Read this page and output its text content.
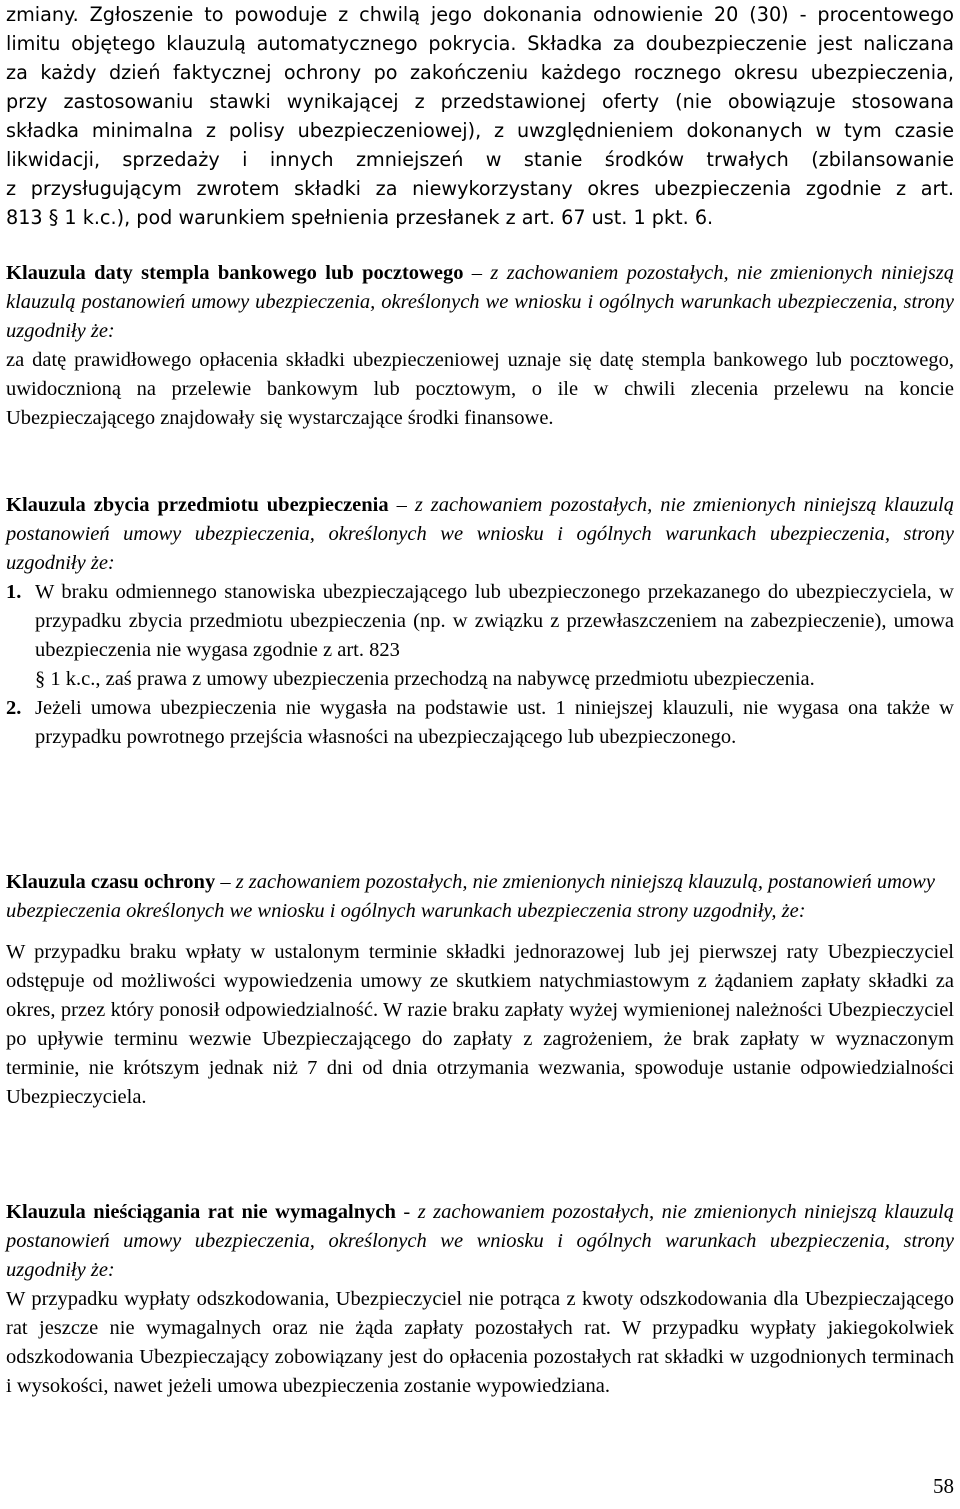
zmiany. Zgłoszenie to powoduje z chwilą jego dokonania odnowienie 20 (30) - procentowego

limitu objętego klauzulą automatycznego pokrycia. Składka za doubezpieczenie jest naliczana

za każdy dzień faktycznej ochrony po zakończeniu każdego rocznego okresu ubezpieczenia,

przy zastosowaniu stawki wynikającej z przedstawionej oferty (nie obowiązuje stosowana

składka minimalna z polisy ubezpieczeniowej), z uwzględnieniem dokonanych w tym czasie

likwidacji, sprzedaży i innych zmniejszeń w stanie środków trwałych (zbilansowanie

z przysługującym zwrotem składki za niewykorzystany okres ubezpieczenia zgodnie z art.

813 § 1 k.c.), pod warunkiem spełnienia przesłanek z art. 67 ust. 1 pkt. 6.

Klauzula daty stempla bankowego lub pocztowego – z zachowaniem pozostałych, nie zmienionych niniejszą klauzulą postanowień umowy ubezpieczenia, określonych we wniosku i ogólnych warunkach ubezpieczenia, strony uzgodniły że:

za datę prawidłowego opłacenia składki ubezpieczeniowej uznaje się datę stempla bankowego lub pocztowego, uwidocznioną na przelewie bankowym lub pocztowym, o ile w chwili zlecenia przelewu na koncie Ubezpieczającego znajdowały się wystarczające środki finansowe.

Klauzula zbycia przedmiotu ubezpieczenia – z zachowaniem pozostałych, nie zmienionych niniejszą klauzulą postanowień umowy ubezpieczenia, określonych we wniosku i ogólnych warunkach ubezpieczenia, strony uzgodniły że:

1. W braku odmiennego stanowiska ubezpieczającego lub ubezpieczonego przekazanego do ubezpieczyciela, w przypadku zbycia przedmiotu ubezpieczenia (np. w związku z przewłaszczeniem na zabezpieczenie), umowa ubezpieczenia nie wygasa zgodnie z art. 823

§ 1 k.c., zaś prawa z umowy ubezpieczenia przechodzą na nabywcę przedmiotu ubezpieczenia.

2. Jeżeli umowa ubezpieczenia nie wygasła na podstawie ust. 1 niniejszej klauzuli, nie wygasa ona także w przypadku powrotnego przejścia własności na ubezpieczającego lub ubezpieczonego.

Klauzula czasu ochrony – z zachowaniem pozostałych, nie zmienionych niniejszą klauzulą, postanowień umowy ubezpieczenia określonych we wniosku i ogólnych warunkach ubezpieczenia strony uzgodniły, że:

W przypadku braku wpłaty w ustalonym terminie składki jednorazowej lub jej pierwszej raty Ubezpieczyciel odstępuje od możliwości wypowiedzenia umowy ze skutkiem natychmiastowym z żądaniem zapłaty składki za okres, przez który ponosił odpowiedzialność. W razie braku zapłaty wyżej wymienionej należności Ubezpieczyciel po upływie terminu wezwie Ubezpieczającego do zapłaty z zagrożeniem, że brak zapłaty w wyznaczonym terminie, nie krótszym jednak niż 7 dni od dnia otrzymania wezwania, spowoduje ustanie odpowiedzialności Ubezpieczyciela.

Klauzula nieściągania rat nie wymagalnych - z zachowaniem pozostałych, nie zmienionych niniejszą klauzulą postanowień umowy ubezpieczenia, określonych we wniosku i ogólnych warunkach ubezpieczenia, strony uzgodniły że:

W przypadku wypłaty odszkodowania, Ubezpieczyciel nie potrąca z kwoty odszkodowania dla Ubezpieczającego rat jeszcze nie wymagalnych oraz nie żąda zapłaty pozostałych rat. W przypadku wypłaty jakiegokolwiek odszkodowania Ubezpieczający zobowiązany jest do opłacenia pozostałych rat składki w uzgodnionych terminach i wysokości, nawet jeżeli umowa ubezpieczenia zostanie wypowiedziana.

58
